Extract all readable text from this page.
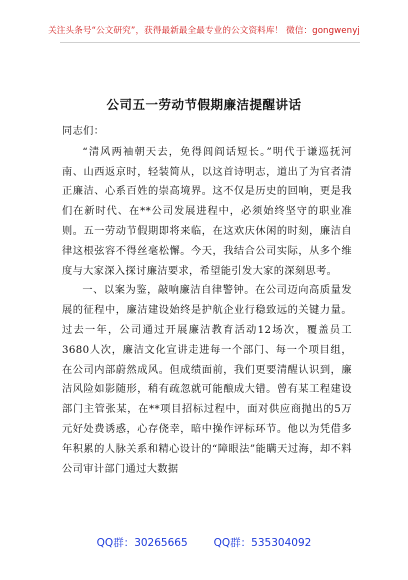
关注头条号“公文研究”，获得最新最全最专业的公文资料库！ 微信：gongwenyj
公司五一劳动节假期廉洁提醒讲话

同志们：

“清风两袖朝天去，免得闾阎话短长。”明代于谦巡抚河南、山西返京时，轻装简从，以这首诗明志，道出了为官者清正廉洁、心系百姓的崇高境界。这不仅是历史的回响，更是我们在新时代、在**公司发展进程中，必须始终坚守的职业准则。五一劳动节假期即将来临，在这欢庆休闲的时刻，廉洁自律这根弦容不得丝毫松懈。今天，我结合公司实际，从多个维度与大家深入探讨廉洁要求，希望能引发大家的深刻思考。

一、以案为鉴，敲响廉洁自律警钟。在公司迈向高质量发展的征程中，廉洁建设始终是护航企业行稳致远的关键力量。过去一年，公司通过开展廉洁教育活动12场次，覆盖员工3680人次，廉洁文化宣讲走进每一个部门、每一个项目组，在公司内部蔚然成风。但成绩面前，我们更要清醒认识到，廉洁风险如影随形，稍有疏忽就可能酿成大错。曾有某工程建设部门主管张某，在**项目招标过程中，面对供应商抛出的5万元好处费诱惑，心存侥幸，暗中操作评标环节。他以为凭借多年积累的人脉关系和精心设计的“障眼法”能瞒天过海，却不料公司审计部门通过大数据

QQ群：30265665 QQ群：535304092
